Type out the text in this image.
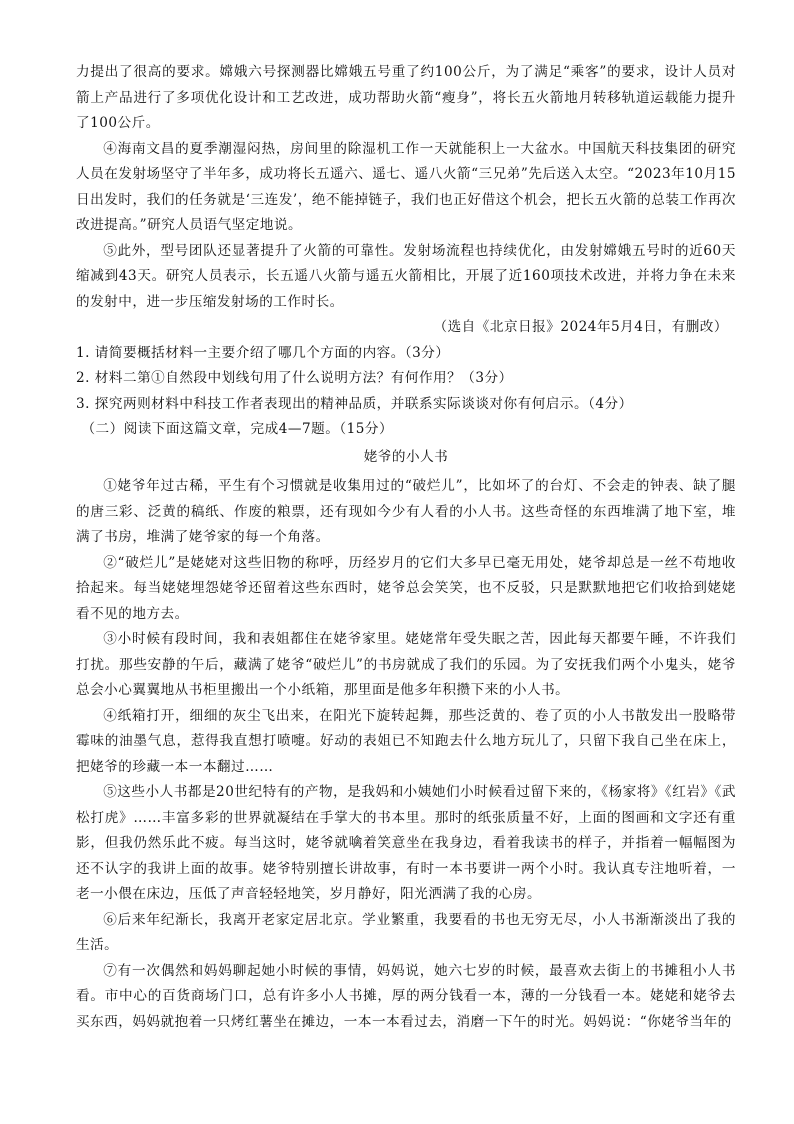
力提出了很高的要求。嫦娥六号探测器比嫦娥五号重了约100公斤，为了满足“乘客”的要求，设计人员对箭上产品进行了多项优化设计和工艺改进，成功帮助火箭“瘦身”，将长五火箭地月转移轨道运载能力提升了100公斤。

④海南文昌的夏季潮湿闷热，房间里的除湿机工作一天就能积上一大盆水。中国航天科技集团的研究人员在发射场坚守了半年多，成功将长五遥六、遥七、遥八火箭“三兄弟”先后送入太空。“2023年10月15日出发时，我们的任务就是‘三连发’，绝不能掉链子，我们也正好借这个机会，把长五火箭的总装工作再次改进提高。”研究人员语气坚定地说。

⑤此外，型号团队还显著提升了火箭的可靠性。发射场流程也持续优化，由发射嫦娥五号时的近60天缩减到43天。研究人员表示，长五遥八火箭与遥五火箭相比，开展了近160项技术改进，并将力争在未来的发射中，进一步压缩发射场的工作时长。

（选自《北京日报》2024年5月4日，有删改）

1. 请简要概括材料一主要介绍了哪几个方面的内容。（3分）

2. 材料二第①自然段中划线句用了什么说明方法？有何作用？（3分）

3. 探究两则材料中科技工作者表现出的精神品质，并联系实际谈谈对你有何启示。（4分）

（二）阅读下面这篇文章，完成4—7题。（15分）

姥爷的小人书

①姥爷年过古稀，平生有个习惯就是收集用过的“破烂儿”，比如坏了的台灯、不会走的钟表、缺了腿的唐三彩、泛黄的稿纸、作废的粮票，还有现如今少有人看的小人书。这些奇怪的东西堆满了地下室，堆满了书房，堆满了姥爷家的每一个角落。

②“破烂儿”是姥姥对这些旧物的称呼，历经岁月的它们大多早已毫无用处，姥爷却总是一丝不苟地收拾起来。每当姥姥埋怨姥爷还留着这些东西时，姥爷总会笑笑，也不反驳，只是默默地把它们收拾到姥姥看不见的地方去。

③小时候有段时间，我和表姐都住在姥爷家里。姥姥常年受失眠之苦，因此每天都要午睡，不许我们打扰。那些安静的午后，藏满了姥爷“破烂儿”的书房就成了我们的乐园。为了安抚我们两个小鬼头，姥爷总会小心翼翼地从书柜里搬出一个小纸箱，那里面是他多年积攒下来的小人书。

④纸箱打开，细细的灰尘飞出来，在阳光下旋转起舞，那些泛黄的、卷了页的小人书散发出一股略带霉味的油墨气息，惹得我直想打喷嚏。好动的表姐已不知跑去什么地方玩儿了，只留下我自己坐在床上，把姥爷的珍藏一本一本翻过……

⑤这些小人书都是20世纪特有的产物，是我妈和小姨她们小时候看过留下来的，《杨家将》《红岩》《武松打虎》……丰富多彩的世界就凝结在手掌大的书本里。那时的纸张质量不好，上面的图画和文字还有重影，但我仍然乐此不疲。每当这时，姥爷就噙着笑意坐在我身边，看着我读书的样子，并指着一幅幅图为还不认字的我讲上面的故事。姥爷特别擅长讲故事，有时一本书要讲一两个小时。我认真专注地听着，一老一小偎在床边，压低了声音轻轻地笑，岁月静好，阳光洒满了我的心房。

⑥后来年纪渐长，我离开老家定居北京。学业繁重，我要看的书也无穷无尽，小人书渐渐淡出了我的生活。

⑦有一次偶然和妈妈聊起她小时候的事情，妈妈说，她六七岁的时候，最喜欢去街上的书摊租小人书看。市中心的百货商场门口，总有许多小人书摊，厚的两分钱看一本，薄的一分钱看一本。姥姥和姥爷去买东西，妈妈就抱着一只烤红薯坐在摊边，一本一本看过去，消磨一下午的时光。妈妈说：“你姥爷当年的
